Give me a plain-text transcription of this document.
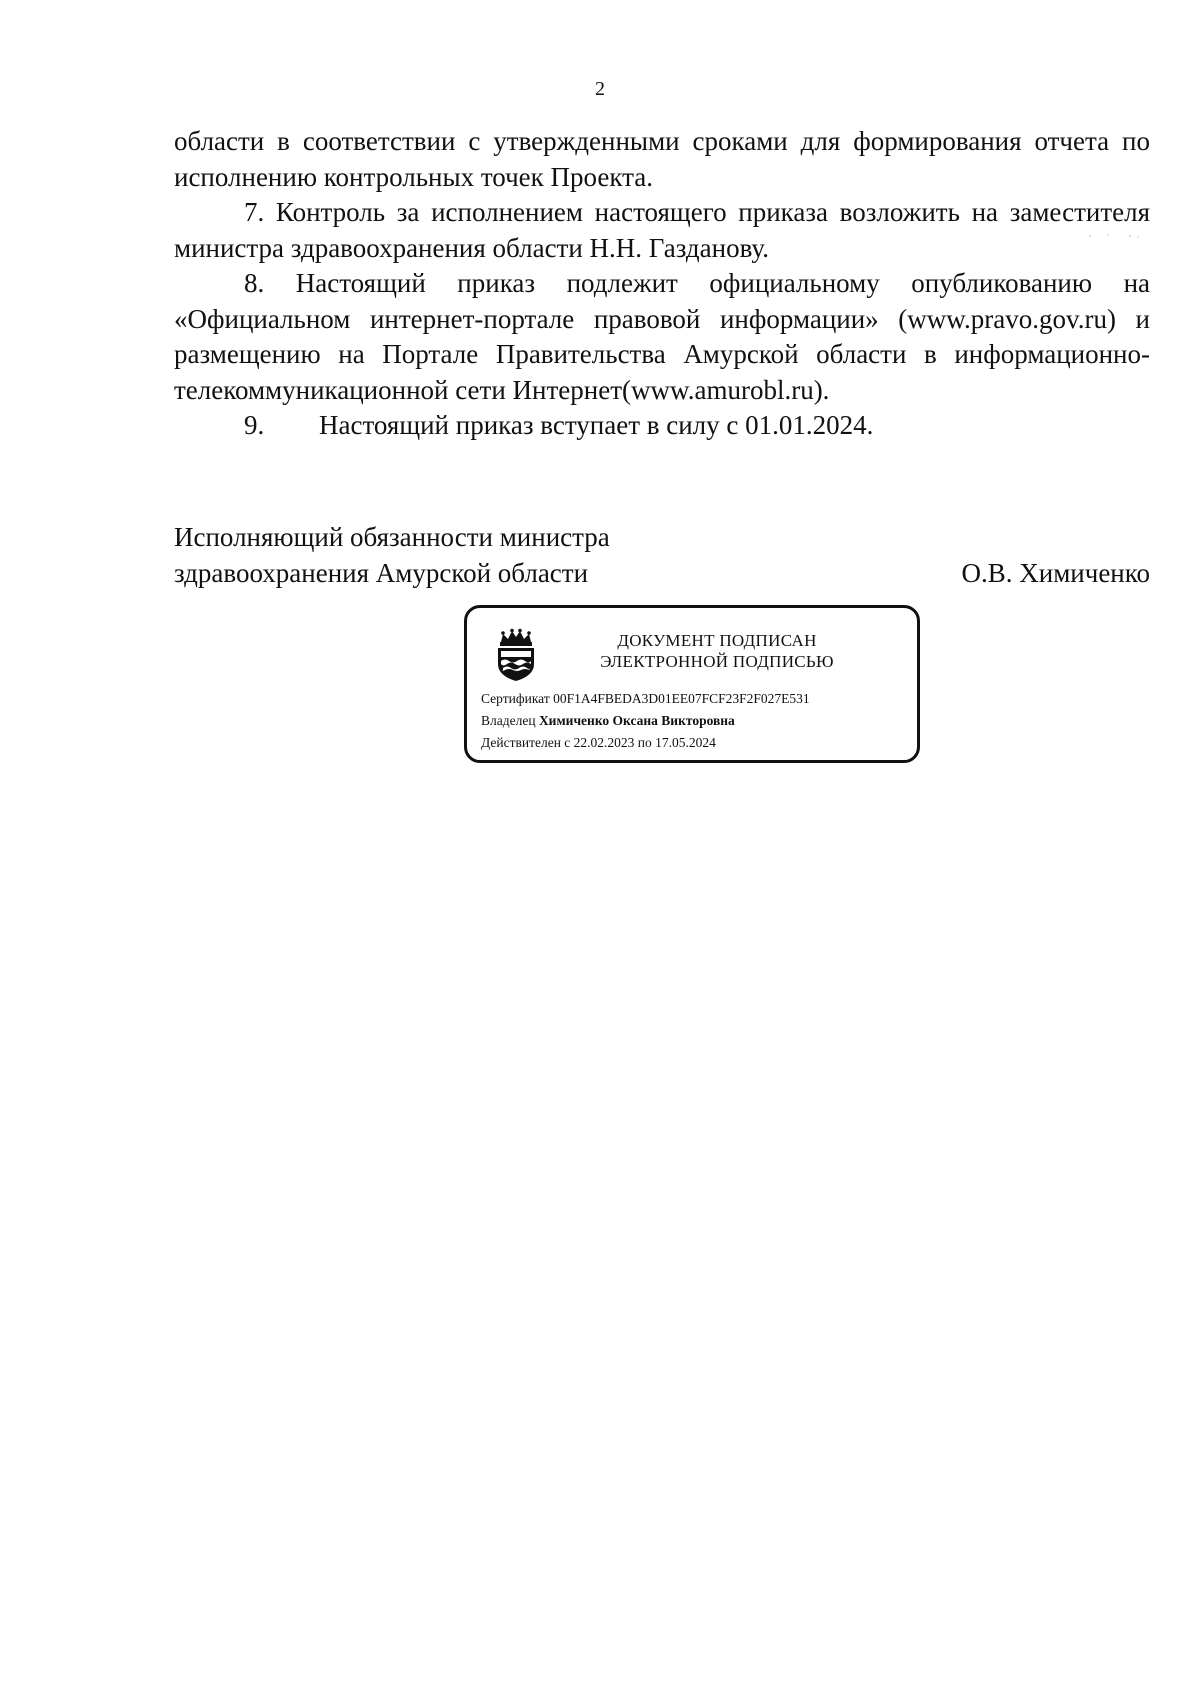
2

области в соответствии с утвержденными сроками для формирования отчета по исполнению контрольных точек Проекта.

7. Контроль за исполнением настоящего приказа возложить на заместителя министра здравоохранения области Н.Н. Газданову.

8. Настоящий приказ подлежит официальному опубликованию на «Официальном интернет-портале правовой информации» (www.pravo.gov.ru) и размещению на Портале Правительства Амурской области в информационно-телекоммуникационной сети Интернет(www.amurobl.ru).

9. Настоящий приказ вступает в силу с 01.01.2024.

Исполняющий обязанности министра
здравоохранения Амурской области	О.В. Химиченко
ДОКУМЕНТ ПОДПИСАН
ЭЛЕКТРОННОЙ ПОДПИСЬЮ
Сертификат 00F1A4FBEDA3D01EE07FCF23F2F027E531
Владелец Химиченко Оксана Викторовна
Действителен с 22.02.2023 по 17.05.2024
